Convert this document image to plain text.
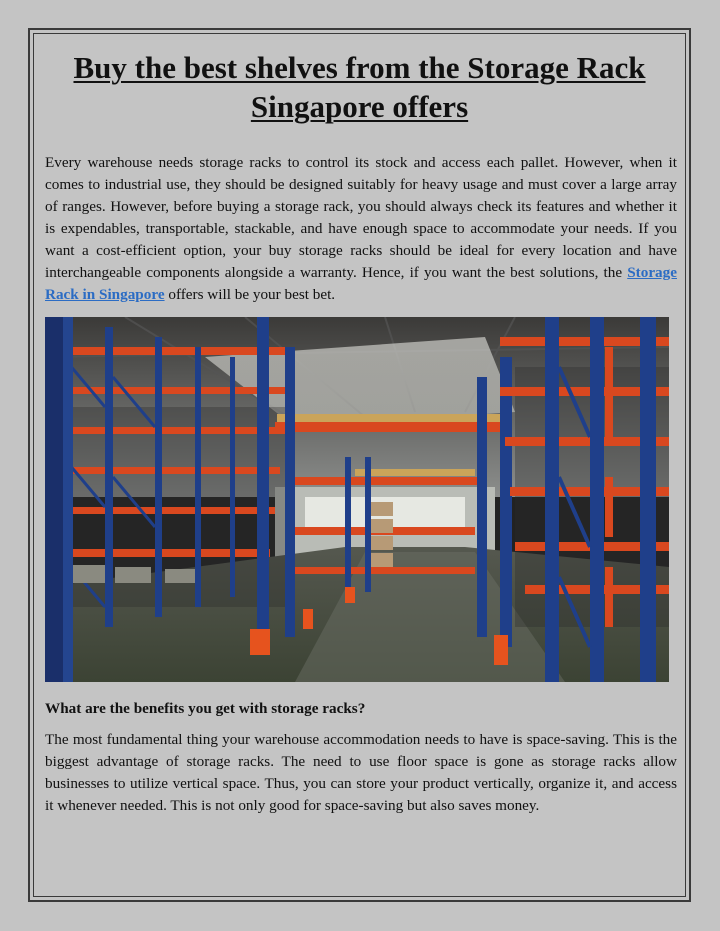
Buy the best shelves from the Storage Rack Singapore offers

Every warehouse needs storage racks to control its stock and access each pallet. However, when it comes to industrial use, they should be designed suitably for heavy usage and must cover a large array of ranges. However, before buying a storage rack, you should always check its features and whether it is expendables, transportable, stackable, and have enough space to accommodate your needs. If you want a cost-efficient option, your buy storage racks should be ideal for every location and have interchangeable components alongside a warranty. Hence, if you want the best solutions, the Storage Rack in Singapore offers will be your best bet.

What are the benefits you get with storage racks?

The most fundamental thing your warehouse accommodation needs to have is space-saving. This is the biggest advantage of storage racks. The need to use floor space is gone as storage racks allow businesses to utilize vertical space. Thus, you can store your product vertically, organize it, and access it whenever needed. This is not only good for space-saving but also saves money.
